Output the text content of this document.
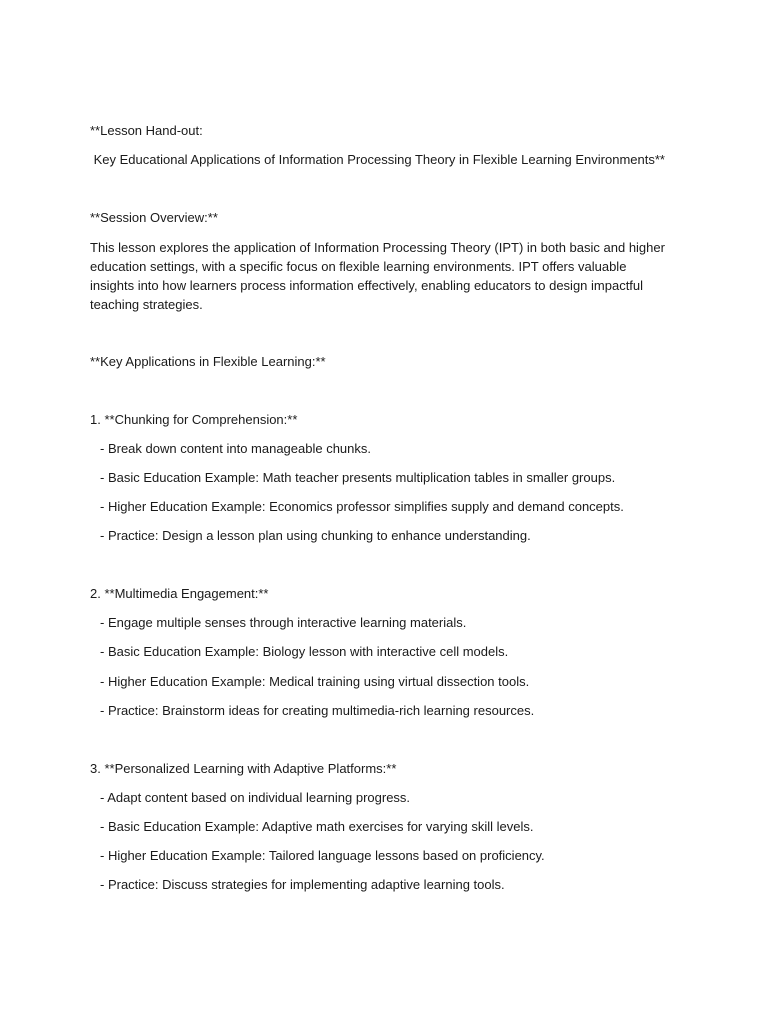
**Lesson Hand-out:
Key Educational Applications of Information Processing Theory in Flexible Learning Environments**
**Session Overview:**
This lesson explores the application of Information Processing Theory (IPT) in both basic and higher education settings, with a specific focus on flexible learning environments. IPT offers valuable insights into how learners process information effectively, enabling educators to design impactful teaching strategies.
**Key Applications in Flexible Learning:**
1. **Chunking for Comprehension:**
- Break down content into manageable chunks.
- Basic Education Example: Math teacher presents multiplication tables in smaller groups.
- Higher Education Example: Economics professor simplifies supply and demand concepts.
- Practice: Design a lesson plan using chunking to enhance understanding.
2. **Multimedia Engagement:**
- Engage multiple senses through interactive learning materials.
- Basic Education Example: Biology lesson with interactive cell models.
- Higher Education Example: Medical training using virtual dissection tools.
- Practice: Brainstorm ideas for creating multimedia-rich learning resources.
3. **Personalized Learning with Adaptive Platforms:**
- Adapt content based on individual learning progress.
- Basic Education Example: Adaptive math exercises for varying skill levels.
- Higher Education Example: Tailored language lessons based on proficiency.
- Practice: Discuss strategies for implementing adaptive learning tools.
